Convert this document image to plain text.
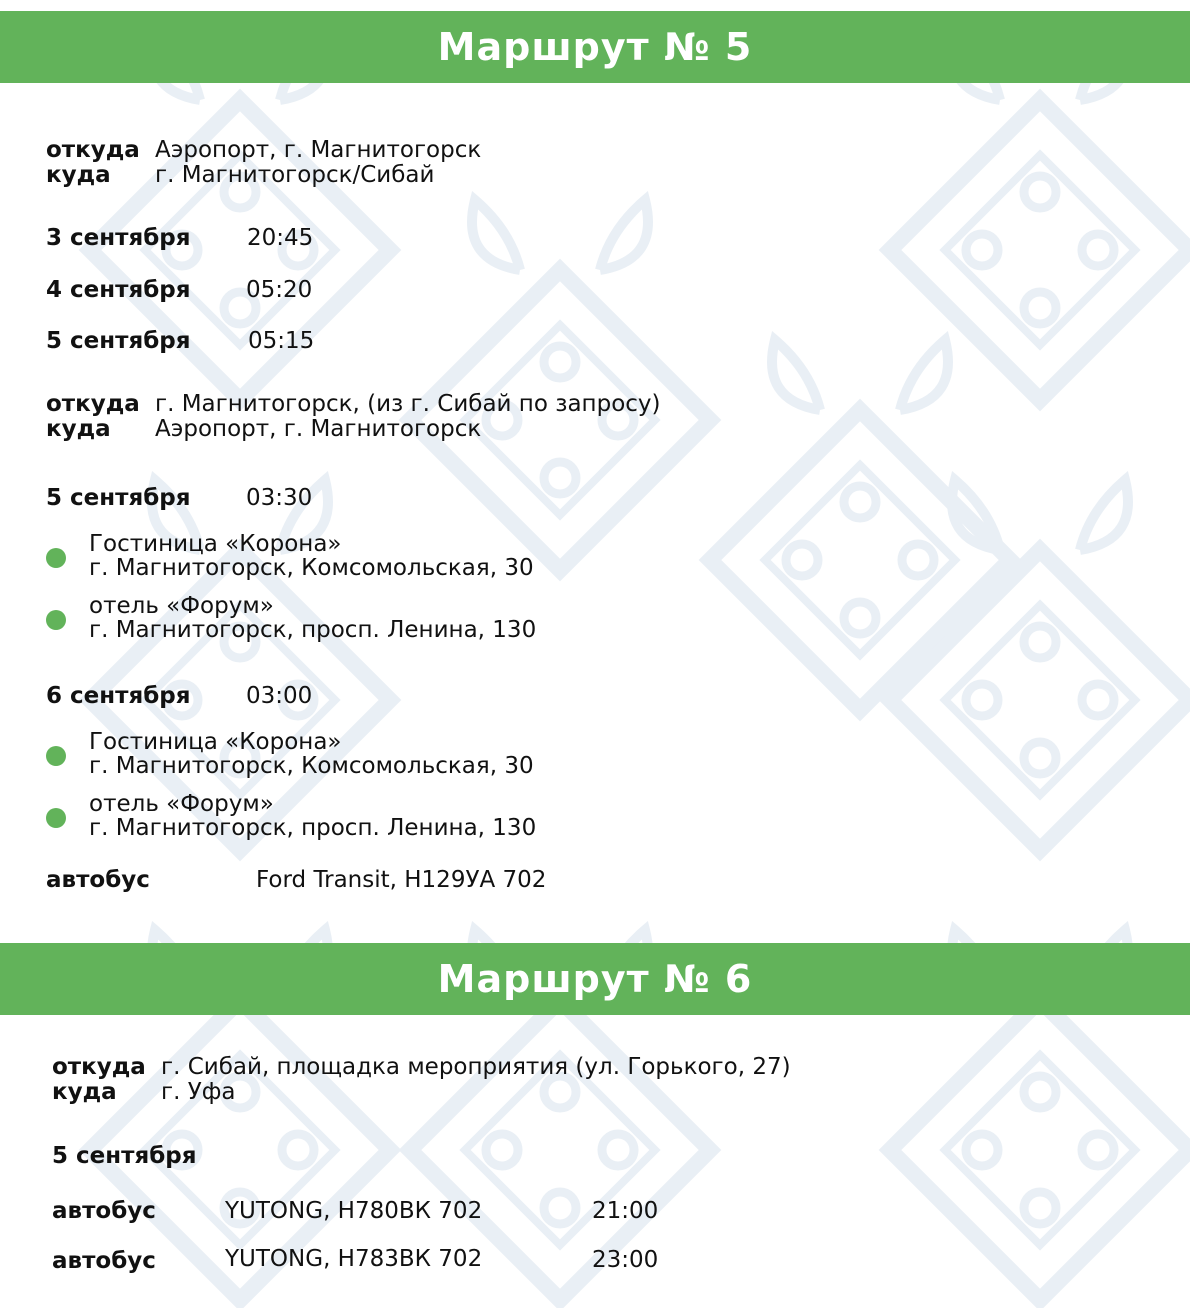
Маршрут № 5
откуда Аэропорт, г. Магнитогорск
куда г. Магнитогорск/Сибай
3 сентября 20:45
4 сентября 05:20
5 сентября 05:15
откуда г. Магнитогорск, (из г. Сибай по запросу)
куда Аэропорт, г. Магнитогорск
5 сентября 03:30
Гостиница «Корона»
г. Магнитогорск, Комсомольская, 30
отель «Форум»
г. Магнитогорск, просп. Ленина, 130
6 сентября 03:00
Гостиница «Корона»
г. Магнитогорск, Комсомольская, 30
отель «Форум»
г. Магнитогорск, просп. Ленина, 130
автобус	Ford Transit, Н129УА 702
Маршрут № 6
откуда г. Сибай, площадка мероприятия (ул. Горького, 27)
куда г. Уфа
5 сентября
автобус	YUTONG, Н780ВК 702	21:00
автобус	YUTONG, Н783ВК 702	23:00
